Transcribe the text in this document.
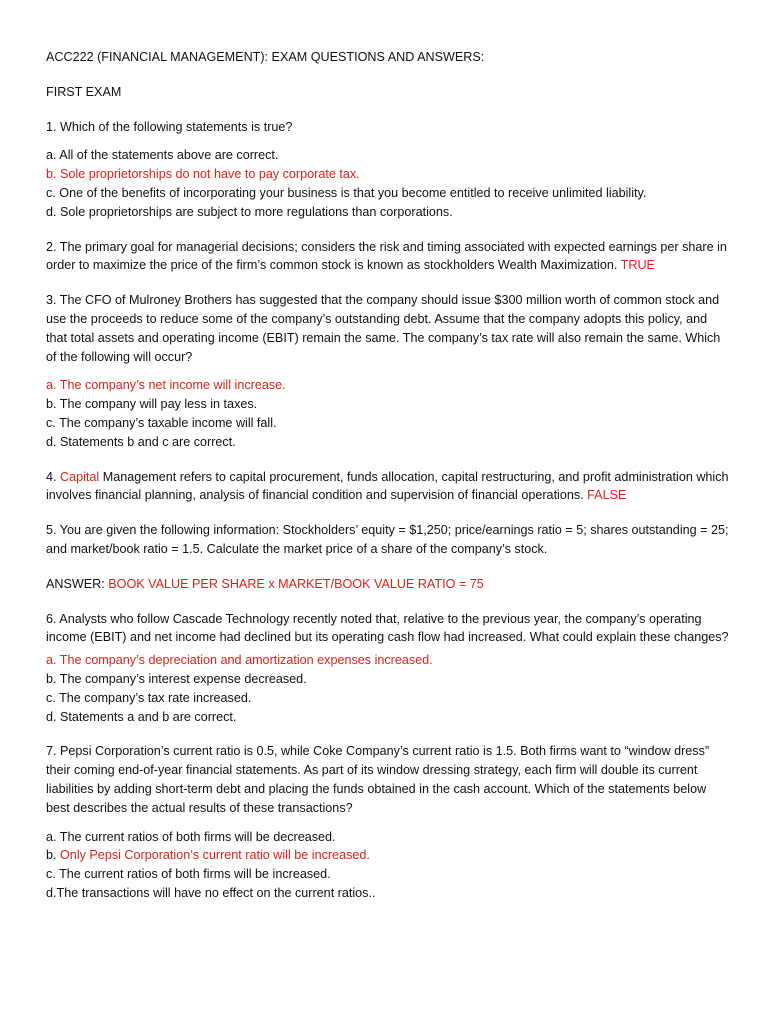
ACC222 (FINANCIAL MANAGEMENT): EXAM QUESTIONS AND ANSWERS:

FIRST EXAM

1. Which of the following statements is true?

a. All of the statements above are correct.

b. Sole proprietorships do not have to pay corporate tax.

c. One of the benefits of incorporating your business is that you become entitled to receive unlimited liability.

d. Sole proprietorships are subject to more regulations than corporations.

2. The primary goal for managerial decisions; considers the risk and timing associated with expected earnings per share in order to maximize the price of the firm’s common stock is known as stockholders Wealth Maximization. TRUE

3. The CFO of Mulroney Brothers has suggested that the company should issue $300 million worth of common stock and use the proceeds to reduce some of the company’s outstanding debt. Assume that the company adopts this policy, and that total assets and operating income (EBIT) remain the same. The company’s tax rate will also remain the same. Which of the following will occur?

a. The company’s net income will increase.

b. The company will pay less in taxes.

c. The company’s taxable income will fall.

d. Statements b and c are correct.

4. Capital Management refers to capital procurement, funds allocation, capital restructuring, and profit administration which involves financial planning, analysis of financial condition and supervision of financial operations. FALSE

5. You are given the following information: Stockholders’ equity = $1,250; price/earnings ratio = 5; shares outstanding = 25; and market/book ratio = 1.5. Calculate the market price of a share of the company’s stock.

ANSWER: BOOK VALUE PER SHARE x MARKET/BOOK VALUE RATIO = 75

6. Analysts who follow Cascade Technology recently noted that, relative to the previous year, the company’s operating income (EBIT) and net income had declined but its operating cash flow had increased. What could explain these changes?

a. The company’s depreciation and amortization expenses increased.

b. The company’s interest expense decreased.

c. The company’s tax rate increased.

d. Statements a and b are correct.

7. Pepsi Corporation’s current ratio is 0.5, while Coke Company’s current ratio is 1.5. Both firms want to “window dress” their coming end-of-year financial statements. As part of its window dressing strategy, each firm will double its current liabilities by adding short-term debt and placing the funds obtained in the cash account. Which of the statements below best describes the actual results of these transactions?

a. The current ratios of both firms will be decreased.

b. Only Pepsi Corporation’s current ratio will be increased.

c. The current ratios of both firms will be increased.

d.The transactions will have no effect on the current ratios..
